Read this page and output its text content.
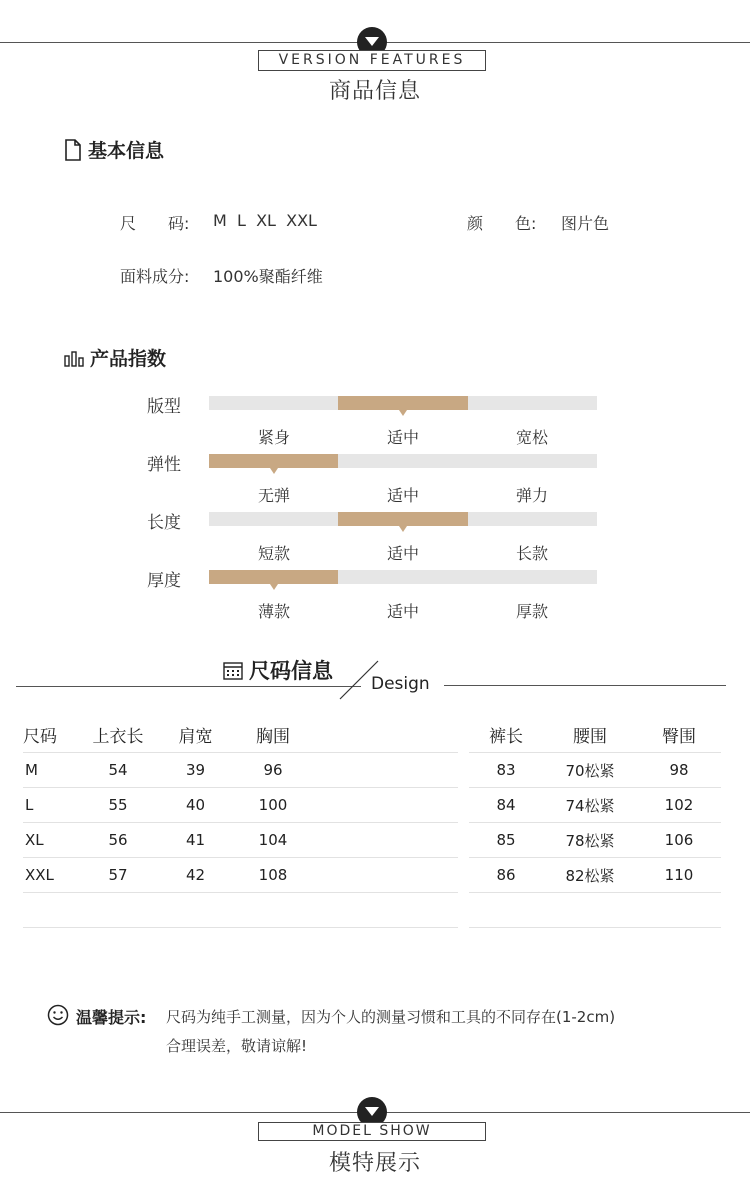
VERSION FEATURES
商品信息
基本信息
尺　　码: M  L  XL  XXL	颜　　色: 图片色
面料成分: 100%聚酯纤维
产品指数
版型
紧身	适中	宽松
弹性
无弹	适中	弹力
长度
短款	适中	长款
厚度
薄款	适中	厚款
尺码信息
Design
尺码	上衣长	肩宽	胸围	
M	54	39	96	
L	55	40	100	
XL	56	41	104	
XXL	57	42	108	

裤长	腰围	臀围
83	70松紧	98
84	74松紧	102
85	78松紧	106
86	82松紧	110

温馨提示: 尺码为纯手工测量，因为个人的测量习惯和工具的不同存在(1-2cm)
合理误差，敬请谅解!
MODEL SHOW
模特展示
